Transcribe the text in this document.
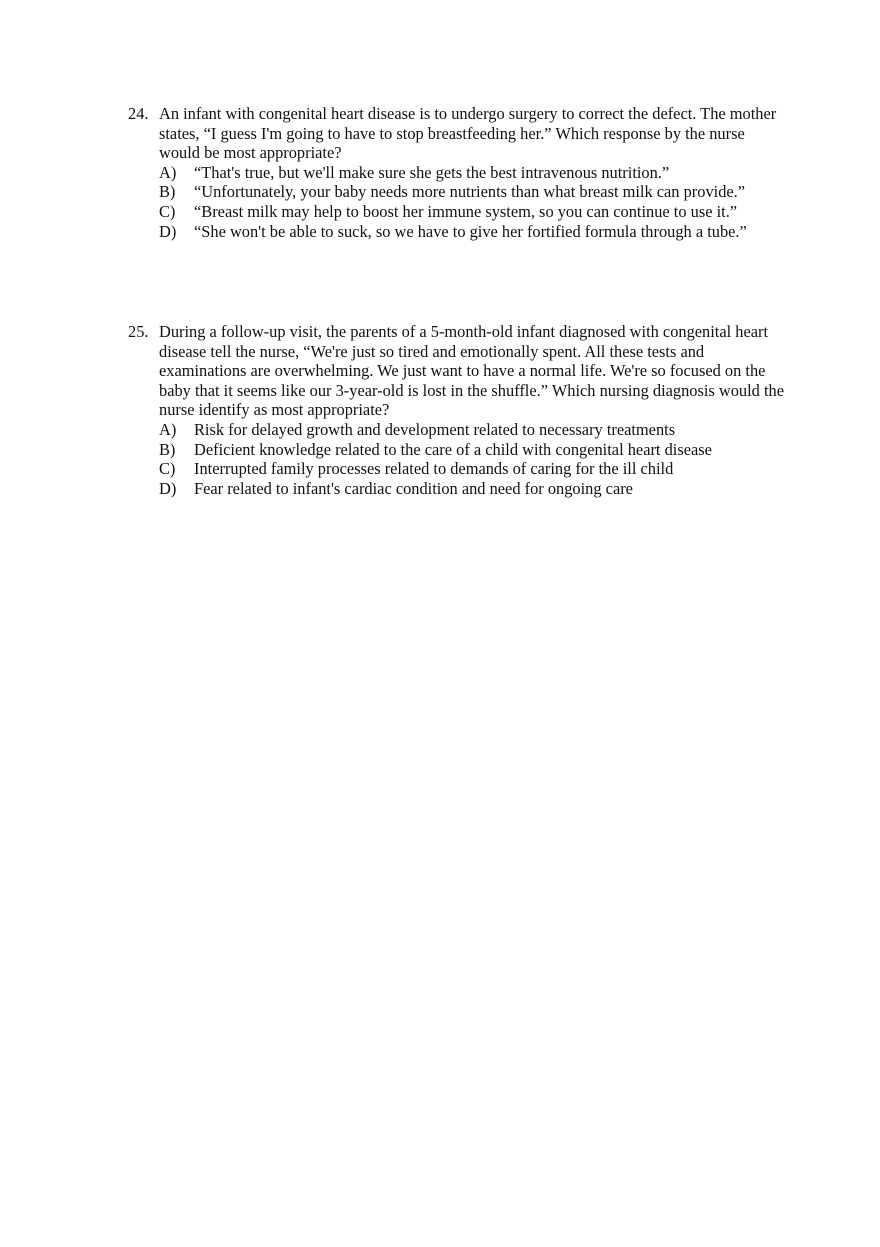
24. An infant with congenital heart disease is to undergo surgery to correct the defect. The mother states, “I guess I'm going to have to stop breastfeeding her.” Which response by the nurse would be most appropriate?
A)	“That's true, but we'll make sure she gets the best intravenous nutrition.”
B)	“Unfortunately, your baby needs more nutrients than what breast milk can provide.”
C)	“Breast milk may help to boost her immune system, so you can continue to use it.”
D)	“She won't be able to suck, so we have to give her fortified formula through a tube.”
25. During a follow-up visit, the parents of a 5-month-old infant diagnosed with congenital heart disease tell the nurse, “We're just so tired and emotionally spent. All these tests and examinations are overwhelming. We just want to have a normal life. We're so focused on the baby that it seems like our 3-year-old is lost in the shuffle.” Which nursing diagnosis would the nurse identify as most appropriate?
A)	Risk for delayed growth and development related to necessary treatments
B)	Deficient knowledge related to the care of a child with congenital heart disease
C)	Interrupted family processes related to demands of caring for the ill child
D)	Fear related to infant's cardiac condition and need for ongoing care
